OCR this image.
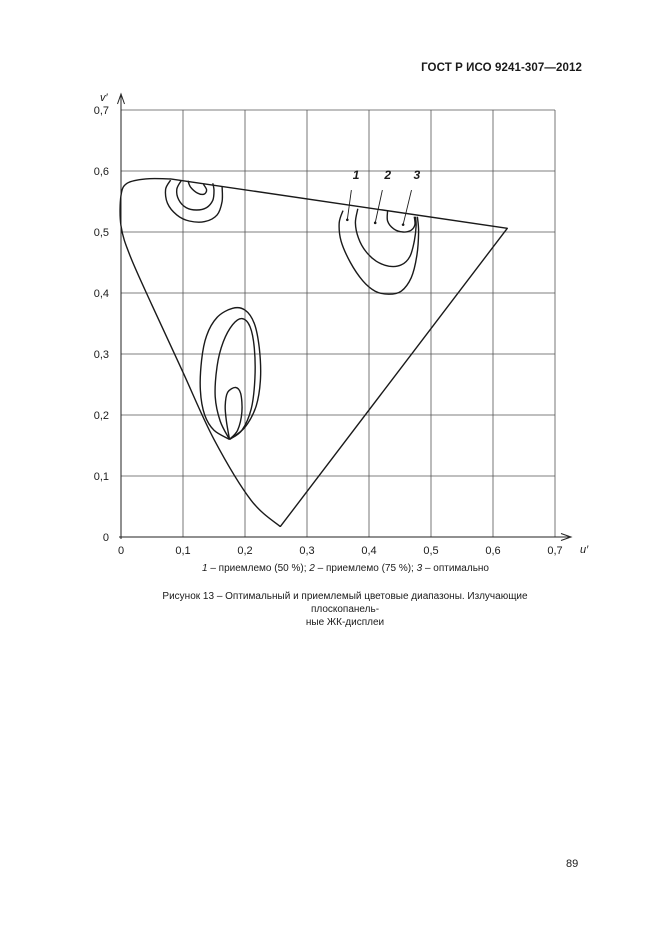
ГОСТ Р ИСО 9241-307—2012
0	0,1	0,2	0,3	0,4	0,5	0,6	0,7
0
0,1
0,2
0,3
0,4
0,5
0,6
0,7
1 2 3
v′
u′
1 – приемлемо (50 %); 2 – приемлемо (75 %); 3 – оптимально
Рисунок 13 – Оптимальный и приемлемый цветовые диапазоны. Излучающие плоскопанель-
ные ЖК-дисплеи
89
